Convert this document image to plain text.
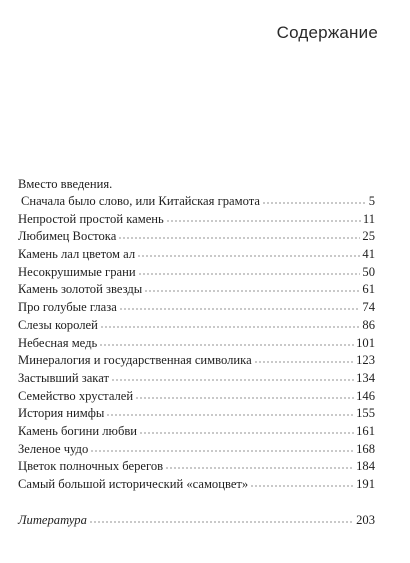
Содержание
Вместо введения.
Сначала было слово, или Китайская грамота	5
Непростой простой камень	11
Любимец Востока	25
Камень лал цветом ал	41
Несокрушимые грани	50
Камень золотой звезды	61
Про голубые глаза	74
Слезы королей	86
Небесная медь	101
Минералогия и государственная символика	123
Застывший закат	134
Семейство хрусталей	146
История нимфы	155
Камень богини любви	161
Зеленое чудо	168
Цветок полночных берегов	184
Самый большой исторический «самоцвет»	191
Литература	203
